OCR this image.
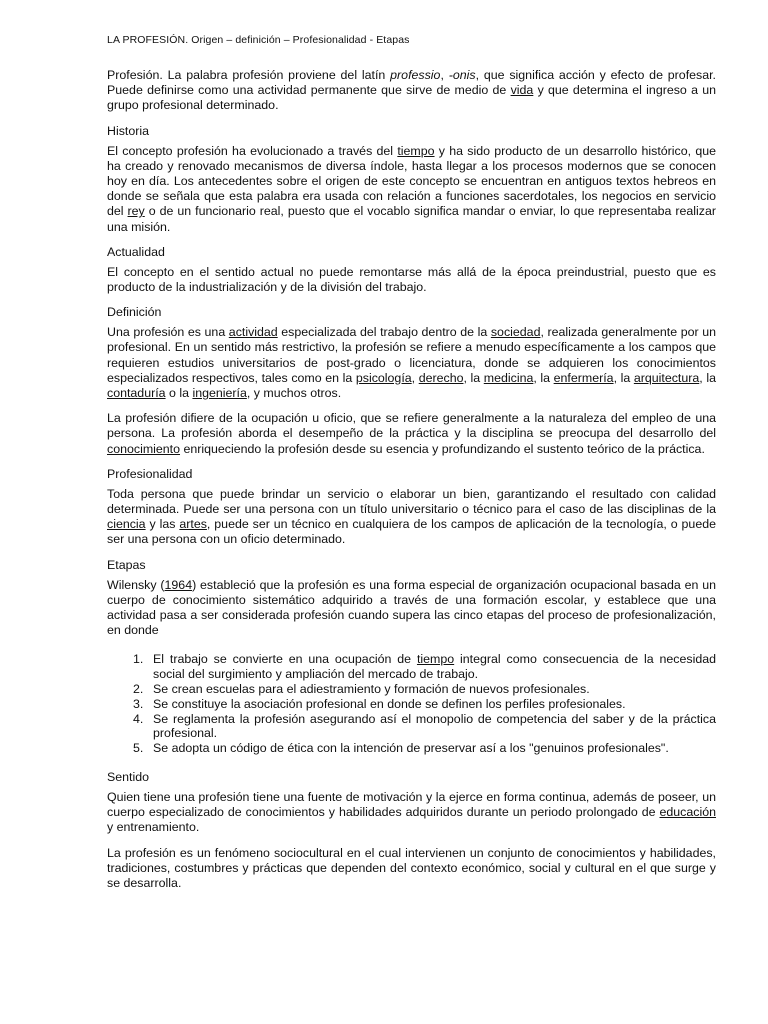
LA PROFESIÓN. Origen – definición – Profesionalidad - Etapas

Profesión. La palabra profesión proviene del latín professio, -onis, que significa acción y efecto de profesar. Puede definirse como una actividad permanente que sirve de medio de vida y que determina el ingreso a un grupo profesional determinado.

Historia

El concepto profesión ha evolucionado a través del tiempo y ha sido producto de un desarrollo histórico, que ha creado y renovado mecanismos de diversa índole, hasta llegar a los procesos modernos que se conocen hoy en día. Los antecedentes sobre el origen de este concepto se encuentran en antiguos textos hebreos en donde se señala que esta palabra era usada con relación a funciones sacerdotales, los negocios en servicio del rey o de un funcionario real, puesto que el vocablo significa mandar o enviar, lo que representaba realizar una misión.

Actualidad

El concepto en el sentido actual no puede remontarse más allá de la época preindustrial, puesto que es producto de la industrialización y de la división del trabajo.

Definición

Una profesión es una actividad especializada del trabajo dentro de la sociedad, realizada generalmente por un profesional. En un sentido más restrictivo, la profesión se refiere a menudo específicamente a los campos que requieren estudios universitarios de post-grado o licenciatura, donde se adquieren los conocimientos especializados respectivos, tales como en la psicología, derecho, la medicina, la enfermería, la arquitectura, la contaduría o la ingeniería, y muchos otros.

La profesión difiere de la ocupación u oficio, que se refiere generalmente a la naturaleza del empleo de una persona. La profesión aborda el desempeño de la práctica y la disciplina se preocupa del desarrollo del conocimiento enriqueciendo la profesión desde su esencia y profundizando el sustento teórico de la práctica.

Profesionalidad

Toda persona que puede brindar un servicio o elaborar un bien, garantizando el resultado con calidad determinada. Puede ser una persona con un título universitario o técnico para el caso de las disciplinas de la ciencia y las artes, puede ser un técnico en cualquiera de los campos de aplicación de la tecnología, o puede ser una persona con un oficio determinado.

Etapas

Wilensky (1964) estableció que la profesión es una forma especial de organización ocupacional basada en un cuerpo de conocimiento sistemático adquirido a través de una formación escolar, y establece que una actividad pasa a ser considerada profesión cuando supera las cinco etapas del proceso de profesionalización, en donde

1. El trabajo se convierte en una ocupación de tiempo integral como consecuencia de la necesidad social del surgimiento y ampliación del mercado de trabajo.
2. Se crean escuelas para el adiestramiento y formación de nuevos profesionales.
3. Se constituye la asociación profesional en donde se definen los perfiles profesionales.
4. Se reglamenta la profesión asegurando así el monopolio de competencia del saber y de la práctica profesional.
5. Se adopta un código de ética con la intención de preservar así a los "genuinos profesionales".
Sentido

Quien tiene una profesión tiene una fuente de motivación y la ejerce en forma continua, además de poseer, un cuerpo especializado de conocimientos y habilidades adquiridos durante un periodo prolongado de educación y entrenamiento.

La profesión es un fenómeno sociocultural en el cual intervienen un conjunto de conocimientos y habilidades, tradiciones, costumbres y prácticas que dependen del contexto económico, social y cultural en el que surge y se desarrolla.
